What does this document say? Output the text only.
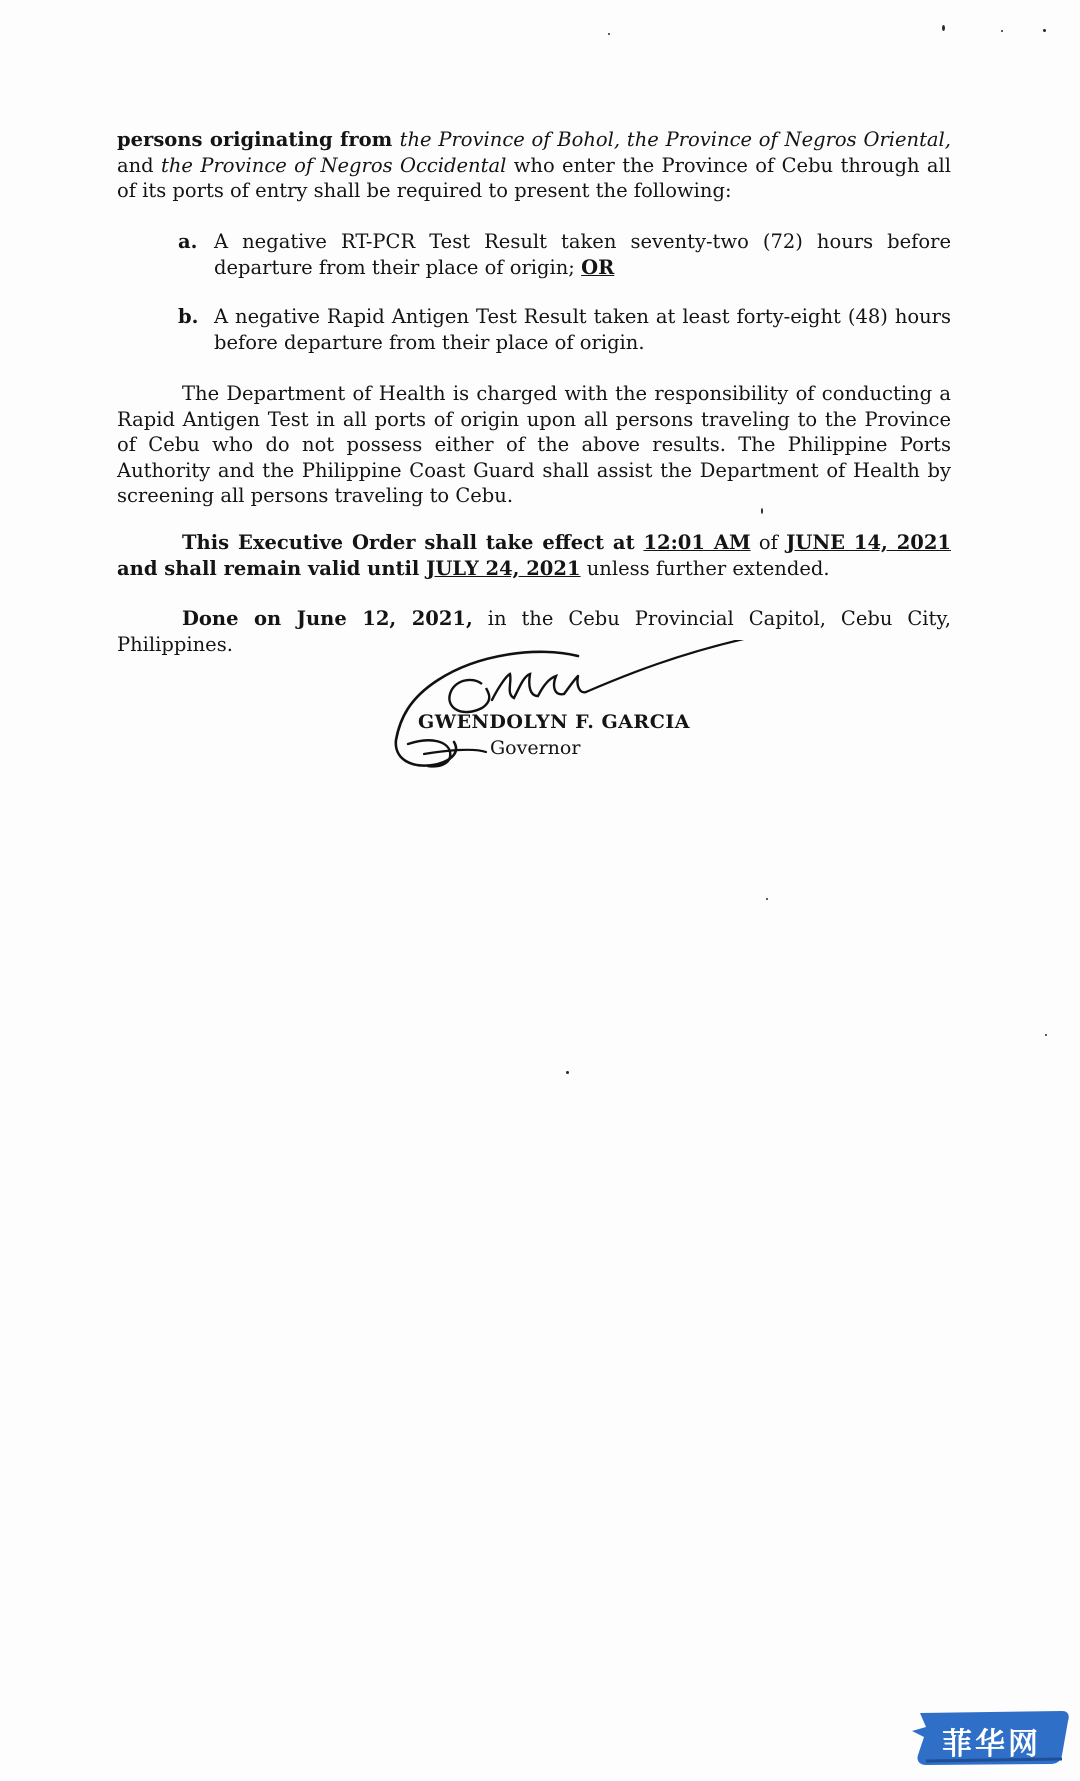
persons originating from the Province of Bohol, the Province of Negros Oriental, and the Province of Negros Occidental who enter the Province of Cebu through all of its ports of entry shall be required to present the following:
a. A negative RT-PCR Test Result taken seventy-two (72) hours before departure from their place of origin; OR
b. A negative Rapid Antigen Test Result taken at least forty-eight (48) hours before departure from their place of origin.
The Department of Health is charged with the responsibility of conducting a Rapid Antigen Test in all ports of origin upon all persons traveling to the Province of Cebu who do not possess either of the above results. The Philippine Ports Authority and the Philippine Coast Guard shall assist the Department of Health by screening all persons traveling to Cebu.
This Executive Order shall take effect at 12:01 AM of JUNE 14, 2021 and shall remain valid until JULY 24, 2021 unless further extended.
Done on June 12, 2021, in the Cebu Provincial Capitol, Cebu City, Philippines.
GWENDOLYN F. GARCIA
Governor
菲华网
